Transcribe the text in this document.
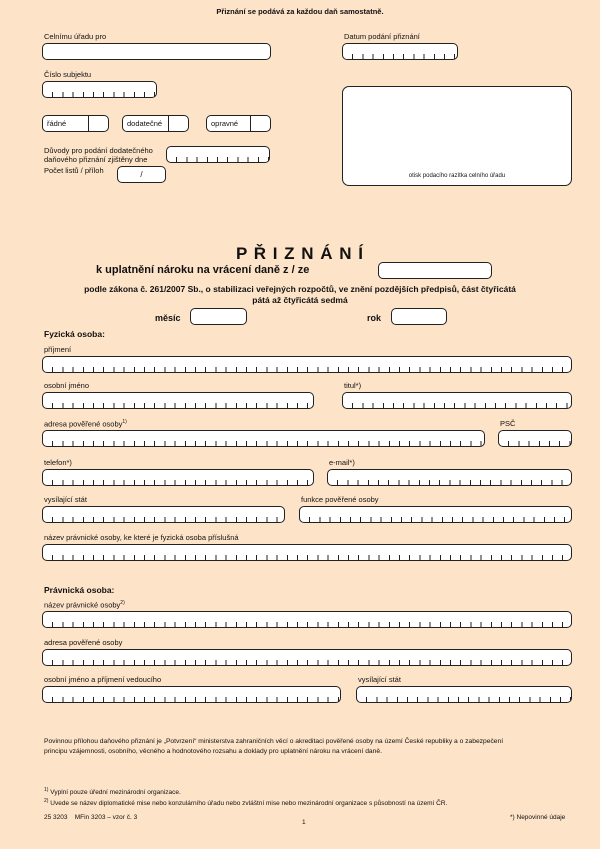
Přiznání se podává za každou daň samostatně.
Celnímu úřadu pro	Datum podání přiznání
Číslo subjektu
řádné	dodatečné	opravné
Důvody pro podání dodatečného
daňového přiznání zjištěny dne
Počet listů / příloh	/	otisk podacího razítka celního úřadu
P Ř I Z N Á N Í
k uplatnění nároku na vrácení daně z / ze
podle zákona č. 261/2007 Sb., o stabilizaci veřejných rozpočtů, ve znění pozdějších předpisů, část čtyřicátá
pátá až čtyřicátá sedmá
měsíc	rok
Fyzická osoba:
příjmení
osobní jméno	titul*)
adresa pověřené osoby$^{1)}$	PSČ
telefon*)	e-mail*)
vysílající stát	funkce pověřené osoby
název právnické osoby, ke které je fyzická osoba příslušná
Právnická osoba:
název právnické osoby$^{2)}$
adresa pověřené osoby
osobní jméno a příjmení vedoucího	vysílající stát
Povinnou přílohou daňového přiznání je „Potvrzení“ ministerstva zahraničních věcí o akreditaci pověřené osoby na území České republiky a o zabezpečení
principu vzájemnosti, osobního, věcného a hodnotového rozsahu a doklady pro uplatnění nároku na vrácení daně.
$^{1)}$ Vyplní pouze úřední mezinárodní organizace.
$^{2)}$ Uvede se název diplomatické mise nebo konzulárního úřadu nebo zvláštní mise nebo mezinárodní organizace s působností na území ČR.
25 3203    MFin 3203 – vzor č. 3
1
*) Nepovinné údaje
